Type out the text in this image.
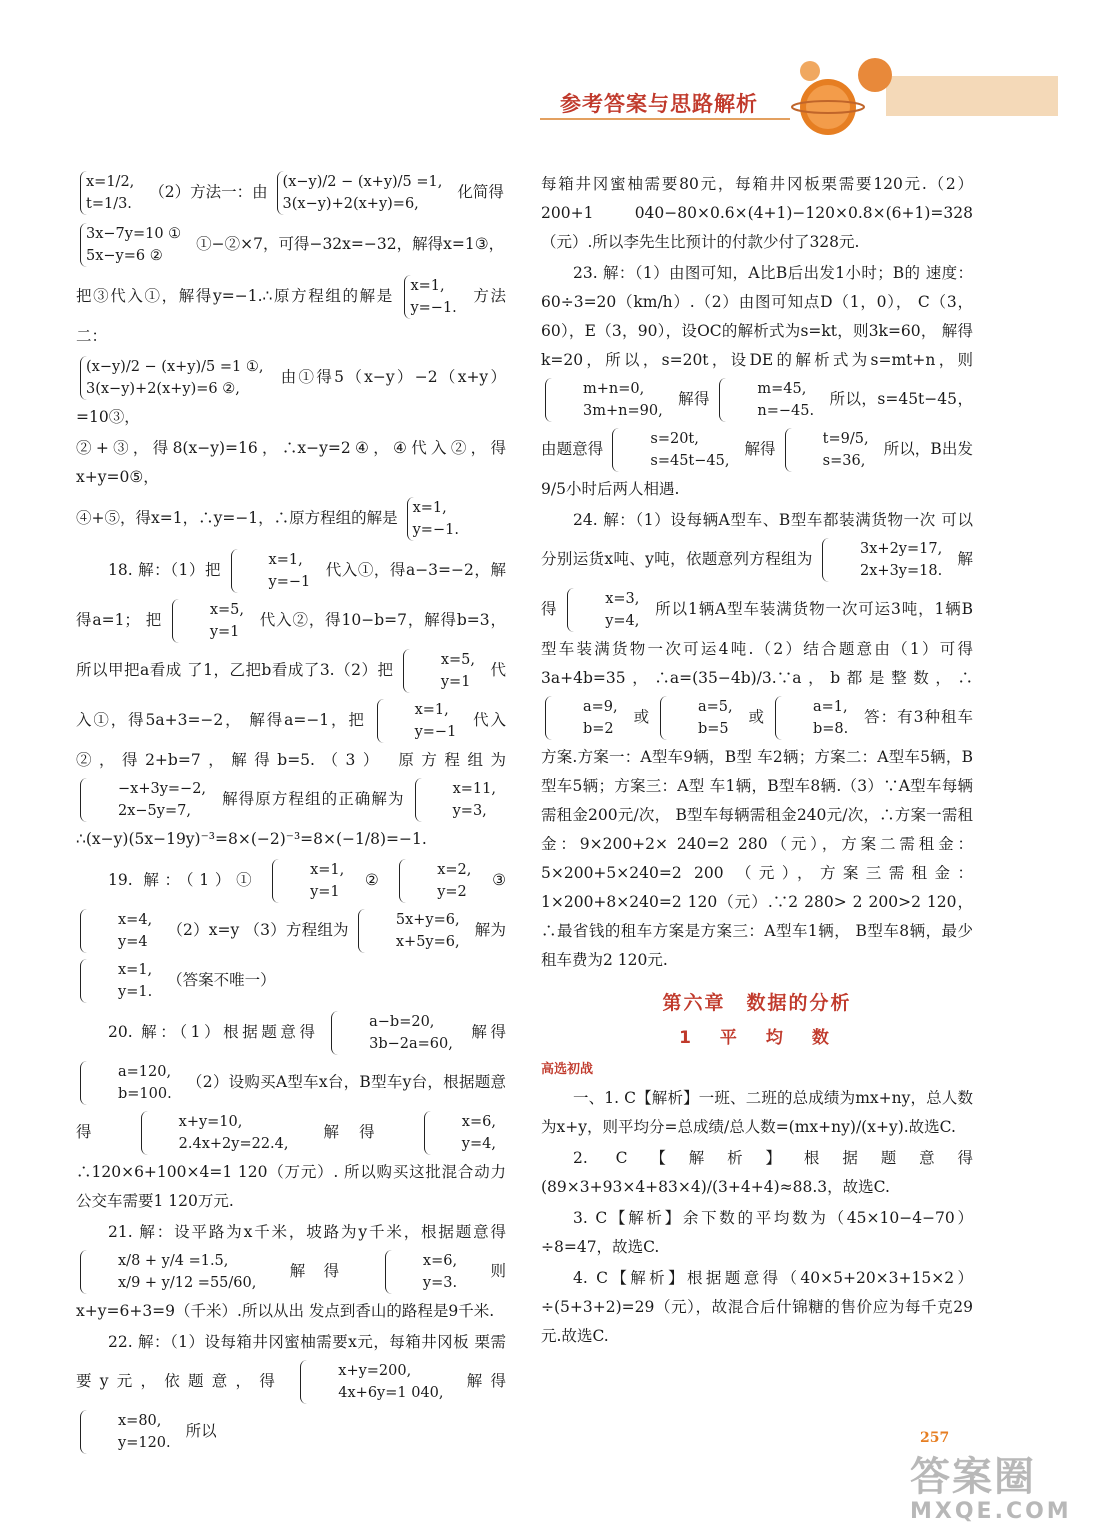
参考答案与思路解析
x=1/2,
t=1/3.
（2）方法一：由
(x−y)/2 − (x+y)/5 =1,
3(x−y)+2(x+y)=6,
化简得
3x−7y=10 ①
5x−y=6 ②
①−②×7，可得−32x=−32，解得x=1③，
把③代入①，解得y=−1.∴原方程组的解是
x=1,
y=−1.
方法二：
(x−y)/2 − (x+y)/5 =1 ①,
3(x−y)+2(x+y)=6 ②,
由①得5（x−y）−2（x+y）=10③，
②+③，得8(x−y)=16，∴x−y=2④，④代入②，得x+y=0⑤，
④+⑤，得x=1，∴y=−1，∴原方程组的解是
x=1,
y=−1.
18. 解：（1）把
x=1,
y=−1
代入①，得a−3=−2，解得a=1； 把
x=5,
y=1
代入②，得10−b=7，解得b=3，所以甲把a看成 了1，乙把b看成了3.（2）把
x=5,
y=1
代入①，得5a+3=−2， 解得a=−1，把
x=1,
y=−1
代入②，得2+b=7，解得b=5.（3） 原方程组为
−x+3y=−2,
2x−5y=7,
解得原方程组的正确解为
x=11,
y=3,
∴(x−y)(5x−19y)⁻³=8×(−2)⁻³=8×(−1/8)=−1.
19. 解：（1）①
x=1,
y=1
②
x=2,
y=2
③
x=4,
y=4
（2）x=y （3）方程组为
5x+y=6,
x+5y=6,
解为
x=1,
y=1.
（答案不唯一）
20. 解：（1）根据题意得
a−b=20,
3b−2a=60,
解得
a=120,
b=100.
（2）设购买A型车x台，B型车y台，根据题意得
x+y=10,
2.4x+2y=22.4,
解得
x=6,
y=4,
∴120×6+100×4=1 120（万元）. 所以购买这批混合动力公交车需要1 120万元.
21. 解：设平路为x千米，坡路为y千米，根据题意得
x/8 + y/4 =1.5,
x/9 + y/12 =55/60,
解得
x=6,
y=3.
则x+y=6+3=9（千米）.所以从出 发点到香山的路程是9千米.
22. 解：（1）设每箱井冈蜜柚需要x元，每箱井冈板 栗需要y元，依题意，得
x+y=200,
4x+6y=1 040,
解得
x=80,
y=120.
所以
每箱井冈蜜柚需要80元，每箱井冈板栗需要120元.（2）200+1 040−80×0.6×(4+1)−120×0.8×(6+1)=328（元）.所以李先生比预计的付款少付了328元.
23. 解：（1）由图可知，A比B后出发1小时；B的 速度：60÷3=20（km/h）.（2）由图可知点D（1，0）， C（3，60），E（3，90），设OC的解析式为s=kt，则3k=60， 解得k=20，所以，s=20t，设DE的解析式为s=mt+n，则
m+n=0,
3m+n=90,
解得
m=45,
n=−45.
所以，s=45t−45，由题意得
s=20t,
s=45t−45,
解得
t=9/5,
s=36,
所以，B出发9/5小时后两人相遇.
24. 解：（1）设每辆A型车、B型车都装满货物一次 可以分别运货x吨、y吨，依题意列方程组为
3x+2y=17,
2x+3y=18.
解得
x=3,
y=4,
所以1辆A型车装满货物一次可运3吨，1辆B 型车装满货物一次可运4吨.（2）结合题意由（1）可得 3a+4b=35，∴a=(35−4b)/3.∵a，b都是整数，∴
a=9,
b=2
或
a=5,
b=5
或
a=1,
b=8.
答：有3种租车方案.方案一：A型车9辆，B型 车2辆；方案二：A型车5辆，B型车5辆；方案三：A型 车1辆，B型车8辆.（3）∵A型车每辆需租金200元/次， B型车每辆需租金240元/次，∴方案一需租金：9×200+2× 240=2 280（元），方案二需租金：5×200+5×240=2 200 （元），方案三需租金：1×200+8×240=2 120（元）.∵2 280> 2 200>2 120，∴最省钱的租车方案是方案三：A型车1辆， B型车8辆，最少租车费为2 120元.
第六章　数据的分析
1　平　均　数
高选初战
一、1. C【解析】一班、二班的总成绩为mx+ny，总人数为x+y，则平均分=总成绩/总人数=(mx+ny)/(x+y).故选C.
2. C【解析】根据题意得(89×3+93×4+83×4)/(3+4+4)≈88.3，故选C.
3. C【解析】余下数的平均数为（45×10−4−70）÷8=47，故选C.
4. C【解析】根据题意得（40×5+20×3+15×2）÷(5+3+2)=29（元），故混合后什锦糖的售价应为每千克29元.故选C.
257
答案圈
MXQE.COM
